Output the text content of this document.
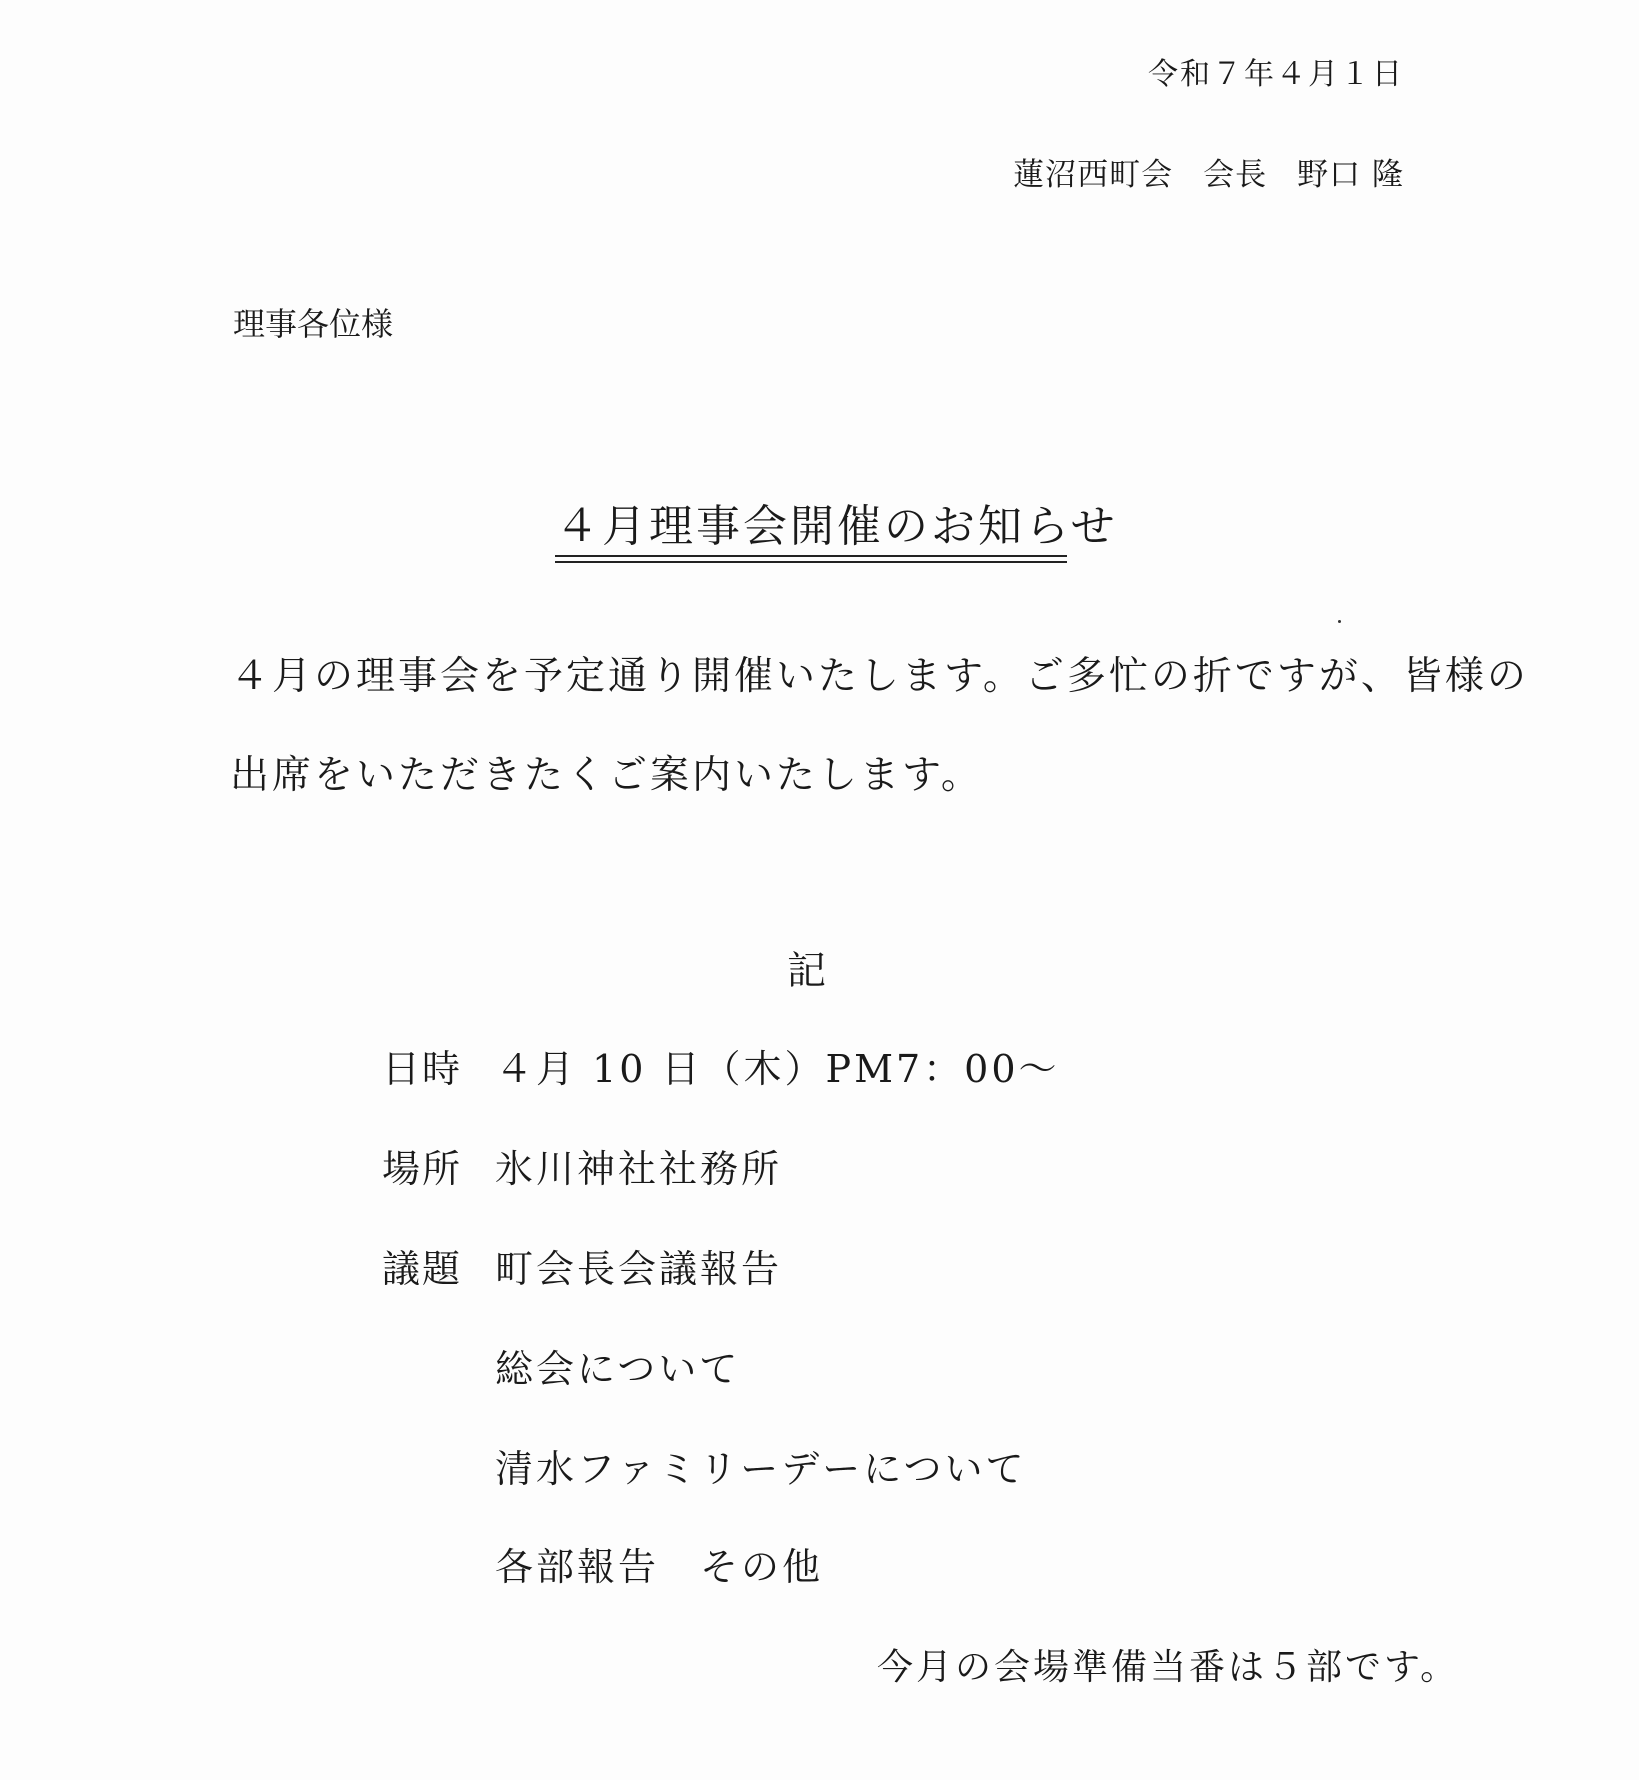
令和７年４月１日

蓮沼西町会 会長 野口 隆

理事各位様

４月理事会開催のお知らせ

４月の理事会を予定通り開催いたします。ご多忙の折ですが、皆様の

出席をいただきたくご案内いたします。

記

日時 ４月 10 日（木）PM7：00～
場所 氷川神社社務所
議題 町会長会議報告
総会について
清水ファミリーデーについて
各部報告　その他

今月の会場準備当番は５部です。
